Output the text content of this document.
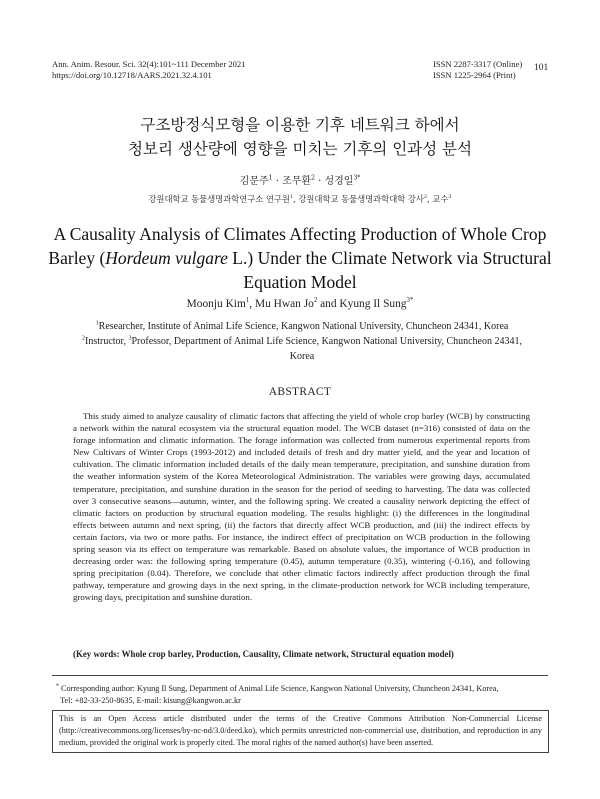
Ann. Anim. Resour. Sci. 32(4):101~111 December 2021
https://doi.org/10.12718/AARS.2021.32.4.101
ISSN 2287-3317 (Online)
ISSN 1225-2964 (Print)
101
구조방정식모형을 이용한 기후 네트워크 하에서
청보리 생산량에 영향을 미치는 기후의 인과성 분석
김문주$^1$ · 조무환$^2$ · 성경일$^{3*}$
강원대학교 동물생명과학연구소 연구원$^1$, 강원대학교 동물생명과학대학 강사$^2$, 교수$^3$
A Causality Analysis of Climates Affecting Production of Whole Crop
Barley (Hordeum vulgare L.) Under the Climate Network via Structural
Equation Model
Moonju Kim$^1$, Mu Hwan Jo$^2$ and Kyung Il Sung$^{3*}$
$^1$Researcher, Institute of Animal Life Science, Kangwon National University, Chuncheon 24341, Korea
$^2$Instructor, $^3$Professor, Department of Animal Life Science, Kangwon National University, Chuncheon 24341,
Korea
ABSTRACT

This study aimed to analyze causality of climatic factors that affecting the yield of whole crop barley (WCB) by constructing a network within the natural ecosystem via the structural equation model. The WCB dataset (n=316) consisted of data on the forage information and climatic information. The forage information was collected from numerous experimental reports from New Cultivars of Winter Crops (1993-2012) and included details of fresh and dry matter yield, and the year and location of cultivation. The climatic information included details of the daily mean temperature, precipitation, and sunshine duration from the weather information system of the Korea Meteorological Administration. The variables were growing days, accumulated temperature, precipitation, and sunshine duration in the season for the period of seeding to harvesting. The data was collected over 3 consecutive seasons—autumn, winter, and the following spring. We created a causality network depicting the effect of climatic factors on production by structural equation modeling. The results highlight: (i) the differences in the longitudinal effects between autumn and next spring, (ii) the factors that directly affect WCB production, and (iii) the indirect effects by certain factors, via two or more paths. For instance, the indirect effect of precipitation on WCB production in the following spring season via its effect on temperature was remarkable. Based on absolute values, the importance of WCB production in decreasing order was: the following spring temperature (0.45), autumn temperature (0.35), wintering (-0.16), and following spring precipitation (0.04). Therefore, we conclude that other climatic factors indirectly affect production through the final pathway, temperature and growing days in the next spring, in the climate-production network for WCB including temperature, growing days, precipitation and sunshine duration.

(Key words: Whole crop barley, Production, Causality, Climate network, Structural equation model)

* Corresponding author: Kyung Il Sung, Department of Animal Life Science, Kangwon National University, Chuncheon 24341, Korea,
Tel: +82-33-250-8635, E-mail: kisung@kangwon.ac.kr
This is an Open Access article distributed under the terms of the Creative Commons Attribution Non-Commercial License (http://creativecommons.org/licenses/by-nc-nd/3.0/deed.ko), which permits unrestricted non-commercial use, distribution, and reproduction in any medium, provided the original work is properly cited. The moral rights of the named author(s) have been asserted.
